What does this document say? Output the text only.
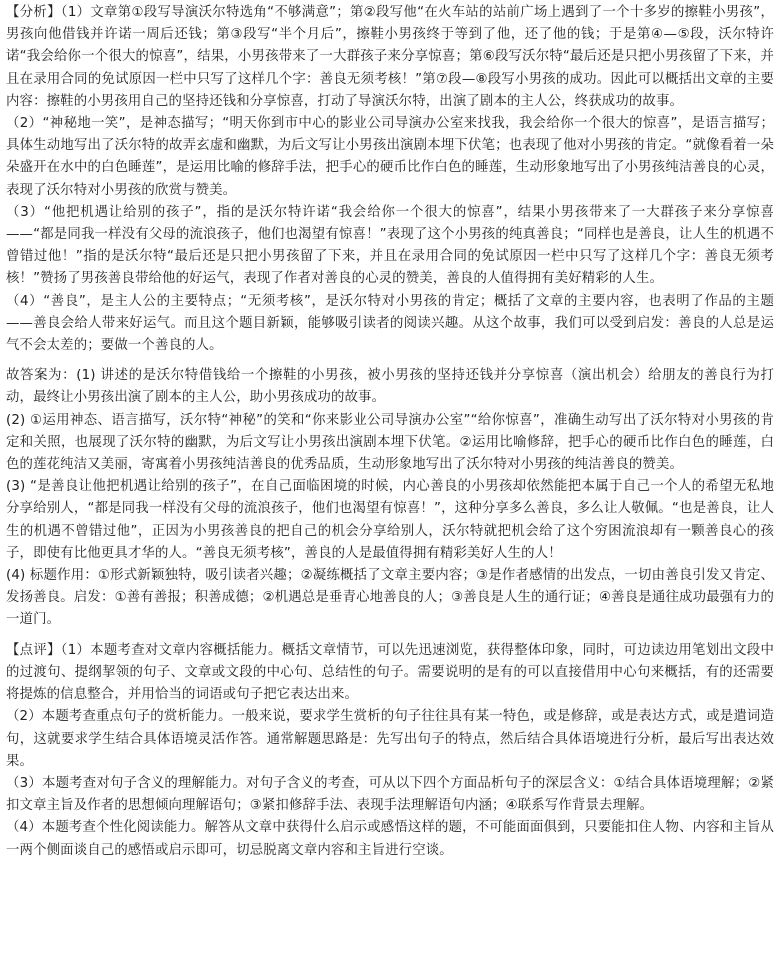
【分析】（1）文章第①段写导演沃尔特选角“不够满意”；第②段写他“在火车站的站前广场上遇到了一个十多岁的擦鞋小男孩”，男孩向他借钱并许诺一周后还钱；第③段写“半个月后”，擦鞋小男孩终于等到了他，还了他的钱；于是第④—⑤段，沃尔特许诺“我会给你一个很大的惊喜”，结果，小男孩带来了一大群孩子来分享惊喜；第⑥段写沃尔特“最后还是只把小男孩留了下来，并且在录用合同的免试原因一栏中只写了这样几个字：善良无须考核！”第⑦段—⑧段写小男孩的成功。因此可以概括出文章的主要内容：擦鞋的小男孩用自己的坚持还钱和分享惊喜，打动了导演沃尔特，出演了剧本的主人公，终获成功的故事。

（2）“神秘地一笑”，是神态描写；“明天你到市中心的影业公司导演办公室来找我，我会给你一个很大的惊喜”，是语言描写；具体生动地写出了沃尔特的故弄玄虚和幽默，为后文写让小男孩出演剧本埋下伏笔；也表现了他对小男孩的肯定。“就像看着一朵朵盛开在水中的白色睡莲”，是运用比喻的修辞手法，把手心的硬币比作白色的睡莲，生动形象地写出了小男孩纯洁善良的心灵，表现了沃尔特对小男孩的欣赏与赞美。

（3）“他把机遇让给别的孩子”，指的是沃尔特许诺“我会给你一个很大的惊喜”，结果小男孩带来了一大群孩子来分享惊喜——“都是同我一样没有父母的流浪孩子，他们也渴望有惊喜！”表现了这个小男孩的纯真善良；“同样也是善良，让人生的机遇不曾错过他！”指的是沃尔特“最后还是只把小男孩留了下来，并且在录用合同的免试原因一栏中只写了这样几个字：善良无须考核！”赞扬了男孩善良带给他的好运气，表现了作者对善良的心灵的赞美，善良的人值得拥有美好精彩的人生。

（4）“善良”，是主人公的主要特点；“无须考核”，是沃尔特对小男孩的肯定；概括了文章的主要内容，也表明了作品的主题——善良会给人带来好运气。而且这个题目新颖，能够吸引读者的阅读兴趣。从这个故事，我们可以受到启发：善良的人总是运气不会太差的；要做一个善良的人。

故答案为：(1) 讲述的是沃尔特借钱给一个擦鞋的小男孩，被小男孩的坚持还钱并分享惊喜（演出机会）给朋友的善良行为打动，最终让小男孩出演了剧本的主人公，助小男孩成功的故事。

(2) ①运用神态、语言描写，沃尔特“神秘”的笑和“你来影业公司导演办公室”“给你惊喜”，准确生动写出了沃尔特对小男孩的肯定和关照，也展现了沃尔特的幽默，为后文写让小男孩出演剧本埋下伏笔。②运用比喻修辞，把手心的硬币比作白色的睡莲，白色的莲花纯洁又美丽，寄寓着小男孩纯洁善良的优秀品质，生动形象地写出了沃尔特对小男孩的纯洁善良的赞美。

(3) “是善良让他把机遇让给别的孩子”，在自己面临困境的时候，内心善良的小男孩却依然能把本属于自己一个人的希望无私地分享给别人，“都是同我一样没有父母的流浪孩子，他们也渴望有惊喜！”，这种分享多么善良，多么让人敬佩。“也是善良，让人生的机遇不曾错过他”，正因为小男孩善良的把自己的机会分享给别人，沃尔特就把机会给了这个穷困流浪却有一颗善良心的孩子，即使有比他更具才华的人。“善良无须考核”，善良的人是最值得拥有精彩美好人生的人！

(4) 标题作用：①形式新颖独特，吸引读者兴趣；②凝练概括了文章主要内容；③是作者感情的出发点，一切由善良引发又肯定、发扬善良。启发：①善有善报；积善成德；②机遇总是垂青心地善良的人；③善良是人生的通行证；④善良是通往成功最强有力的一道门。

【点评】（1）本题考查对文章内容概括能力。概括文章情节，可以先迅速浏览，获得整体印象，同时，可边读边用笔划出文段中的过渡句、提纲挈领的句子、文章或文段的中心句、总结性的句子。需要说明的是有的可以直接借用中心句来概括，有的还需要将提炼的信息整合，并用恰当的词语或句子把它表达出来。

（2）本题考查重点句子的赏析能力。一般来说，要求学生赏析的句子往往具有某一特色，或是修辞，或是表达方式，或是遣词造句，这就要求学生结合具体语境灵活作答。通常解题思路是：先写出句子的特点，然后结合具体语境进行分析，最后写出表达效果。

（3）本题考查对句子含义的理解能力。对句子含义的考查，可从以下四个方面品析句子的深层含义：①结合具体语境理解；②紧扣文章主旨及作者的思想倾向理解语句；③紧扣修辞手法、表现手法理解语句内涵；④联系写作背景去理解。

（4）本题考查个性化阅读能力。解答从文章中获得什么启示或感悟这样的题，不可能面面俱到，只要能扣住人物、内容和主旨从一两个侧面谈自己的感悟或启示即可，切忌脱离文章内容和主旨进行空谈。
